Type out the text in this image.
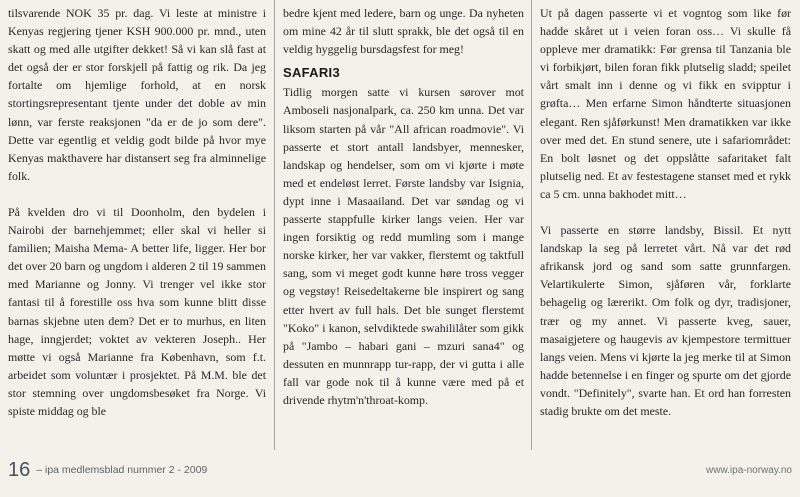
tilsvarende NOK 35 pr. dag. Vi leste at ministre i Kenyas regjering tjener KSH 900.000 pr. mnd., uten skatt og med alle utgifter dekket! Så vi kan slå fast at det også der er stor forskjell på fattig og rik. Da jeg fortalte om hjemlige forhold, at en norsk stortingsrepresentant tjente under det doble av min lønn, var ferste reaksjonen "da er de jo som dere". Dette var egentlig et veldig godt bilde på hvor mye Kenyas makthavere har distansert seg fra alminnelige folk.

På kvelden dro vi til Doonholm, den bydelen i Nairobi der barnehjemmet; eller skal vi heller si familien; Maisha Mema- A better life, ligger. Her bor det over 20 barn og ungdom i alderen 2 til 19 sammen med Marianne og Jonny. Vi trenger vel ikke stor fantasi til å forestille oss hva som kunne blitt disse barnas skjebne uten dem? Det er to murhus, en liten hage, inngjerdet; voktet av vekteren Joseph.. Her møtte vi også Marianne fra København, som f.t. arbeidet som voluntær i prosjektet. På M.M. ble det stor stemning over ungdomsbesøket fra Norge. Vi spiste middag og ble

bedre kjent med ledere, barn og unge. Da nyheten om mine 42 år til slutt sprakk, ble det også til en veldig hyggelig bursdagsfest for meg!

SAFARI3

Tidlig morgen satte vi kursen sørover mot Amboseli nasjonalpark, ca. 250 km unna. Det var liksom starten på vår "All african roadmovie". Vi passerte et stort antall landsbyer, mennesker, landskap og hendelser, som om vi kjørte i møte med et endeløst lerret. Første landsby var Isignia, dypt inne i Masaailand. Det var søndag og vi passerte stappfulle kirker langs veien. Her var ingen forsiktig og redd mumling som i mange norske kirker, her var vakker, flerstemt og taktfull sang, som vi meget godt kunne høre tross vegger og vegstøy! Reisedeltakerne ble inspirert og sang etter hvert av full hals. Det ble sunget flerstemt "Koko" i kanon, selvdiktede swahililåter som gikk på "Jambo – habari gani – mzuri sana4" og dessuten en munnrapp tur-rapp, der vi gutta i alle fall var gode nok til å kunne være med på et drivende rhytm'n'throat-komp.

Ut på dagen passerte vi et vogntog som like før hadde skåret ut i veien foran oss… Vi skulle få oppleve mer dramatikk: Før grensa til Tanzania ble vi forbikjørt, bilen foran fikk plutselig sladd; speilet vårt smalt inn i denne og vi fikk en svipptur i grøfta… Men erfarne Simon håndterte situasjonen elegant. Ren sjåførkunst! Men dramatikken var ikke over med det. En stund senere, ute i safariområdet: En bolt løsnet og det oppslåtte safaritaket falt plutselig ned. Et av festestagene stanset med et rykk ca 5 cm. unna bakhodet mitt…

Vi passerte en større landsby, Bissil. Et nytt landskap la seg på lerretet vårt. Nå var det rød afrikansk jord og sand som satte grunnfargen. Velartikulerte Simon, sjåføren vår, forklarte behagelig og lærerikt. Om folk og dyr, tradisjoner, trær og my annet. Vi passerte kveg, sauer, masaigjetere og haugevis av kjempestore termittuer langs veien. Mens vi kjørte la jeg merke til at Simon hadde betennelse i en finger og spurte om det gjorde vondt. "Definitely", svarte han. Et ord han forresten stadig brukte om det meste.

16 – ipa medlemsblad nummer 2 - 2009	www.ipa-norway.no
